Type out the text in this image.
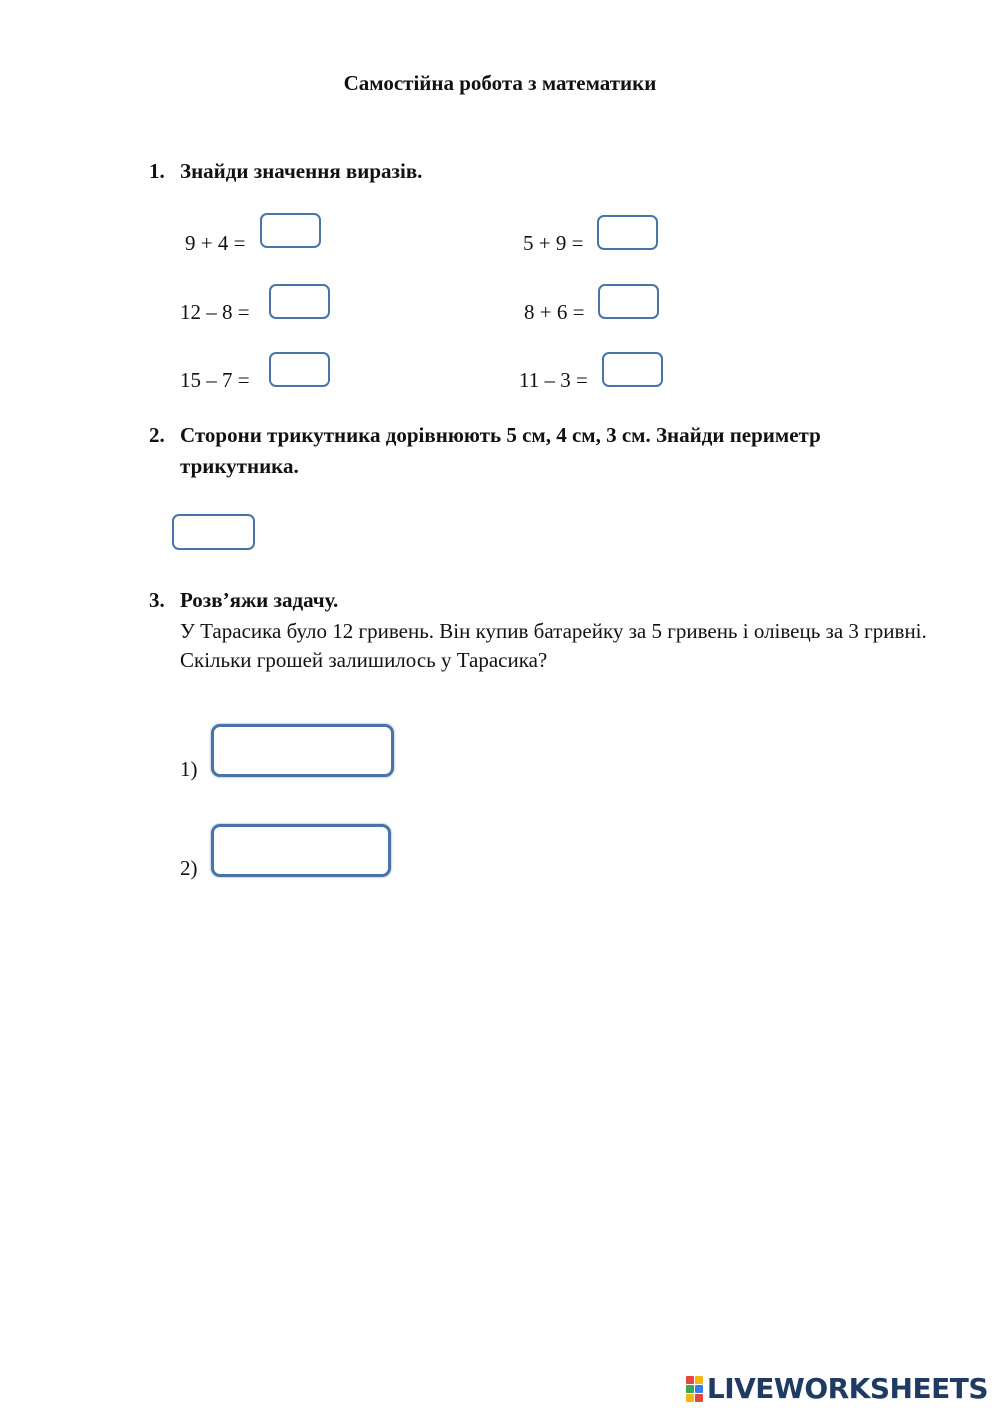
Самостійна робота з математики
1. Знайди значення виразів.
9 + 4 =	5 + 9 =
12 – 8 =	8 + 6 =
15 – 7 =	11 – 3 =
2. Сторони трикутника дорівнюють 5 см, 4 см, 3 см. Знайди периметр
трикутника.
3. Розв’яжи задачу.
У Тарасика було 12 гривень. Він купив батарейку за 5 гривень і олівець за 3 гривні. Скільки грошей залишилось у Тарасика?
1)
2)
LIVEWORKSHEETS
